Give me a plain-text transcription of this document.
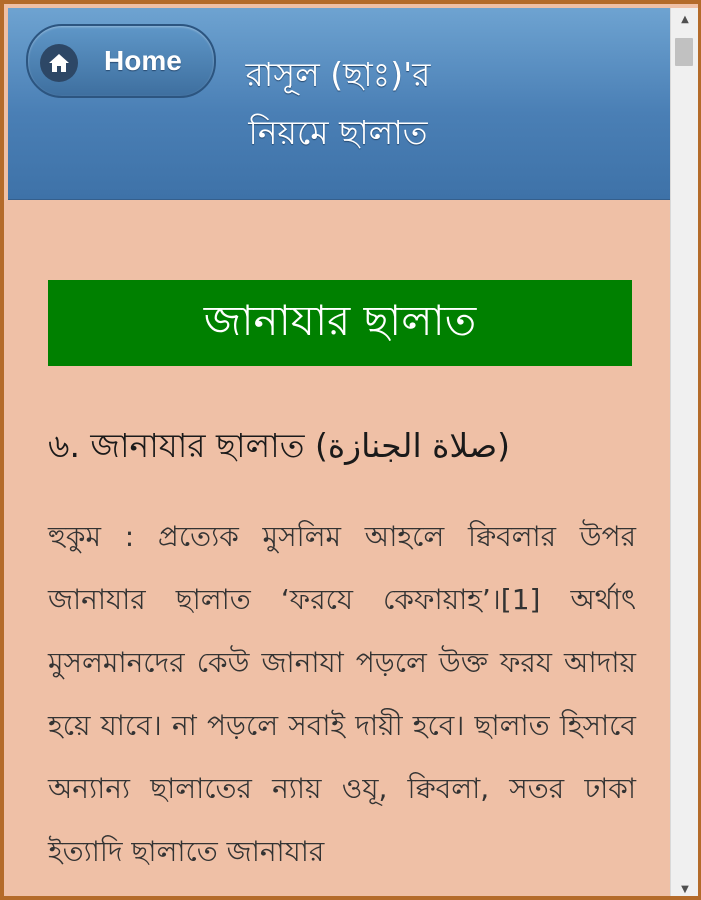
Home	রাসূল (ছাঃ)'র নিয়মে ছালাত
জানাযার ছালাত
৬. জানাযার ছালাত (صلاة الجنازة)

হুকুম : প্রত্যেক মুসলিম আহলে ক্বিবলার উপর জানাযার ছালাত ‘ফরযে কেফায়াহ’।[1] অর্থাৎ মুসলমানদের কেউ জানাযা পড়লে উক্ত ফরয আদায় হয়ে যাবে। না পড়লে সবাই দায়ী হবে। ছালাত হিসাবে অন্যান্য ছালাতের ন্যায় ওযূ, ক্বিবলা, সতর ঢাকা ইত্যাদি ছালাতে জানাযার

▲
▼
